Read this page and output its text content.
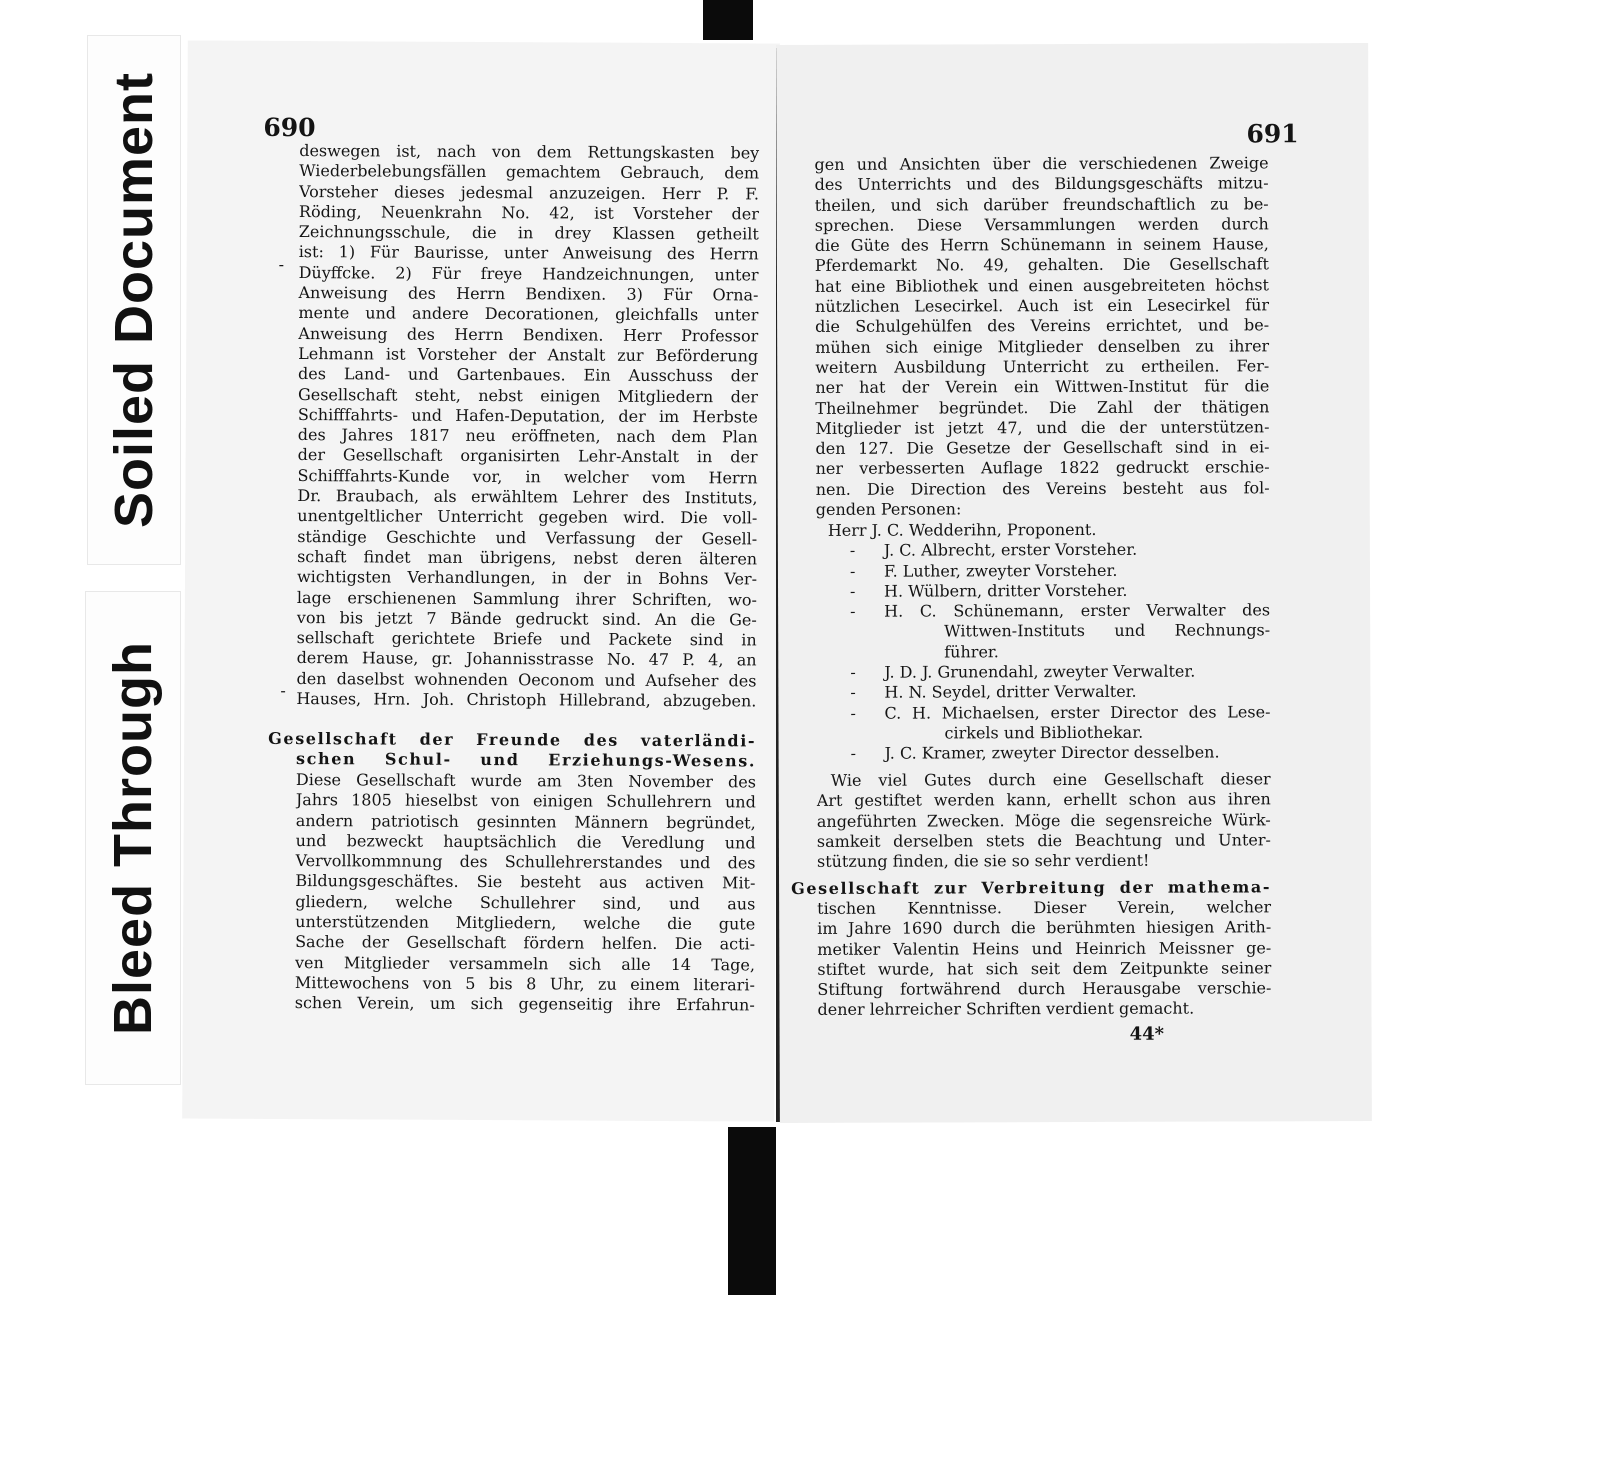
Soiled Document
Bleed Through
690
-
-
deswegen ist, nach von dem Rettungskasten bey
Wiederbelebungsfällen gemachtem Gebrauch, dem
Vorsteher dieses jedesmal anzuzeigen. Herr P. F.
Röding, Neuenkrahn No. 42, ist Vorsteher der
Zeichnungsschule, die in drey Klassen getheilt
ist: 1) Für Baurisse, unter Anweisung des Herrn
Düyffcke. 2) Für freye Handzeichnungen, unter
Anweisung des Herrn Bendixen. 3) Für Orna-
mente und andere Decorationen, gleichfalls unter
Anweisung des Herrn Bendixen. Herr Professor
Lehmann ist Vorsteher der Anstalt zur Beförderung
des Land- und Gartenbaues. Ein Ausschuss der
Gesellschaft steht, nebst einigen Mitgliedern der
Schifffahrts- und Hafen-Deputation, der im Herbste
des Jahres 1817 neu eröffneten, nach dem Plan
der Gesellschaft organisirten Lehr-Anstalt in der
Schifffahrts-Kunde vor, in welcher vom Herrn
Dr. Braubach, als erwähltem Lehrer des Instituts,
unentgeltlicher Unterricht gegeben wird. Die voll-
ständige Geschichte und Verfassung der Gesell-
schaft findet man übrigens, nebst deren älteren
wichtigsten Verhandlungen, in der in Bohns Ver-
lage erschienenen Sammlung ihrer Schriften, wo-
von bis jetzt 7 Bände gedruckt sind. An die Ge-
sellschaft gerichtete Briefe und Packete sind in
derem Hause, gr. Johannisstrasse No. 47 P. 4, an
den daselbst wohnenden Oeconom und Aufseher des
Hauses, Hrn. Joh. Christoph Hillebrand, abzugeben.
Gesellschaft der Freunde des vaterländi-
schen Schul- und Erziehungs-Wesens.
Diese Gesellschaft wurde am 3ten November des
Jahrs 1805 hieselbst von einigen Schullehrern und
andern patriotisch gesinnten Männern begründet,
und bezweckt hauptsächlich die Veredlung und
Vervollkommnung des Schullehrerstandes und des
Bildungsgeschäftes. Sie besteht aus activen Mit-
gliedern, welche Schullehrer sind, und aus
unterstützenden Mitgliedern, welche die gute
Sache der Gesellschaft fördern helfen. Die acti-
ven Mitglieder versammeln sich alle 14 Tage,
Mittewochens von 5 bis 8 Uhr, zu einem literari-
schen Verein, um sich gegenseitig ihre Erfahrun-
691
gen und Ansichten über die verschiedenen Zweige
des Unterrichts und des Bildungsgeschäfts mitzu-
theilen, und sich darüber freundschaftlich zu be-
sprechen. Diese Versammlungen werden durch
die Güte des Herrn Schünemann in seinem Hause,
Pferdemarkt No. 49, gehalten. Die Gesellschaft
hat eine Bibliothek und einen ausgebreiteten höchst
nützlichen Lesecirkel. Auch ist ein Lesecirkel für
die Schulgehülfen des Vereins errichtet, und be-
mühen sich einige Mitglieder denselben zu ihrer
weitern Ausbildung Unterricht zu ertheilen. Fer-
ner hat der Verein ein Wittwen-Institut für die
Theilnehmer begründet. Die Zahl der thätigen
Mitglieder ist jetzt 47, und die der unterstützen-
den 127. Die Gesetze der Gesellschaft sind in ei-
ner verbesserten Auflage 1822 gedruckt erschie-
nen. Die Direction des Vereins besteht aus fol-
genden Personen:
Herr J. C. Wedderihn, Proponent.
-	J. C. Albrecht, erster Vorsteher.
-	F. Luther, zweyter Vorsteher.
-	H. Wülbern, dritter Vorsteher.
-	H. C. Schünemann, erster Verwalter des
Wittwen-Instituts und Rechnungs-
führer.
-	J. D. J. Grunendahl, zweyter Verwalter.
-	H. N. Seydel, dritter Verwalter.
-	C. H. Michaelsen, erster Director des Lese-
cirkels und Bibliothekar.
-	J. C. Kramer, zweyter Director desselben.
Wie viel Gutes durch eine Gesellschaft dieser
Art gestiftet werden kann, erhellt schon aus ihren
angeführten Zwecken. Möge die segensreiche Würk-
samkeit derselben stets die Beachtung und Unter-
stützung finden, die sie so sehr verdient!
Gesellschaft zur Verbreitung der mathema-
tischen Kenntnisse. Dieser Verein, welcher
im Jahre 1690 durch die berühmten hiesigen Arith-
metiker Valentin Heins und Heinrich Meissner ge-
stiftet wurde, hat sich seit dem Zeitpunkte seiner
Stiftung fortwährend durch Herausgabe verschie-
dener lehrreicher Schriften verdient gemacht.
44*
